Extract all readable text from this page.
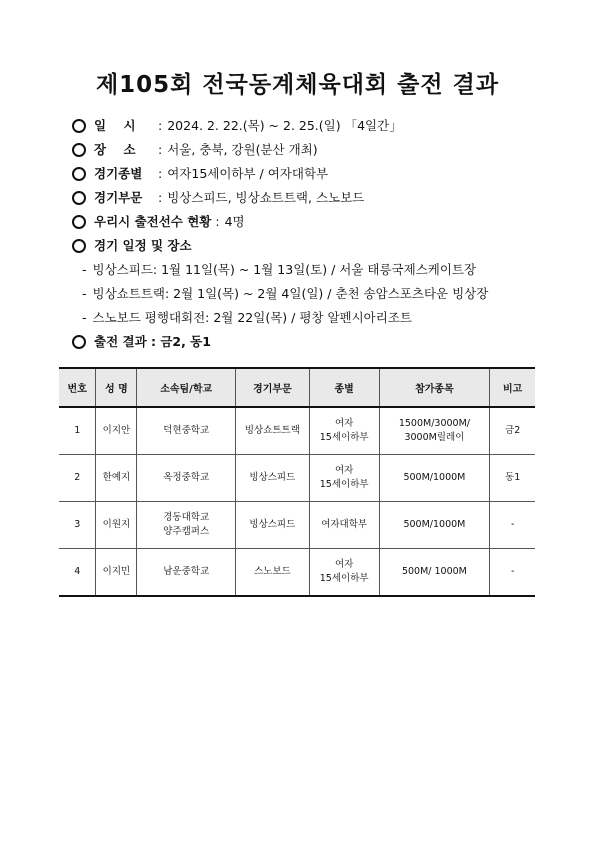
제105회 전국동계체육대회 출전 결과
일    시	: 2024. 2. 22.(목) ~ 2. 25.(일) 「4일간」
장    소	: 서울, 충북, 강원(분산 개최)
경기종별	: 여자15세이하부 / 여자대학부
경기부문	: 빙상스피드, 빙상쇼트트랙, 스노보드
우리시 출전선수 현황 : 4명
경기 일정 및 장소
- 빙상스피드: 1월 11일(목) ~ 1월 13일(토) / 서울 태릉국제스케이트장
- 빙상쇼트트랙: 2월 1일(목) ~ 2월 4일(일) / 춘천 송암스포츠타운 빙상장
- 스노보드 평행대회전: 2월 22일(목) / 평창 알펜시아리조트
출전 결과 : 금2, 동1
번호	성 명	소속팀/학교	경기부문	종별	참가종목	비고

1	이지안	덕현중학교	빙상쇼트트랙	여자
15세이하부	1500M/3000M/
3000M릴레이	금2

2	한예지	옥정중학교	빙상스피드	여자
15세이하부	500M/1000M	동1

3	이원지	경동대학교
양주캠퍼스	빙상스피드	여자대학부	500M/1000M	-

4	이지민	남운중학교	스노보드	여자
15세이하부	500M/ 1000M	-
